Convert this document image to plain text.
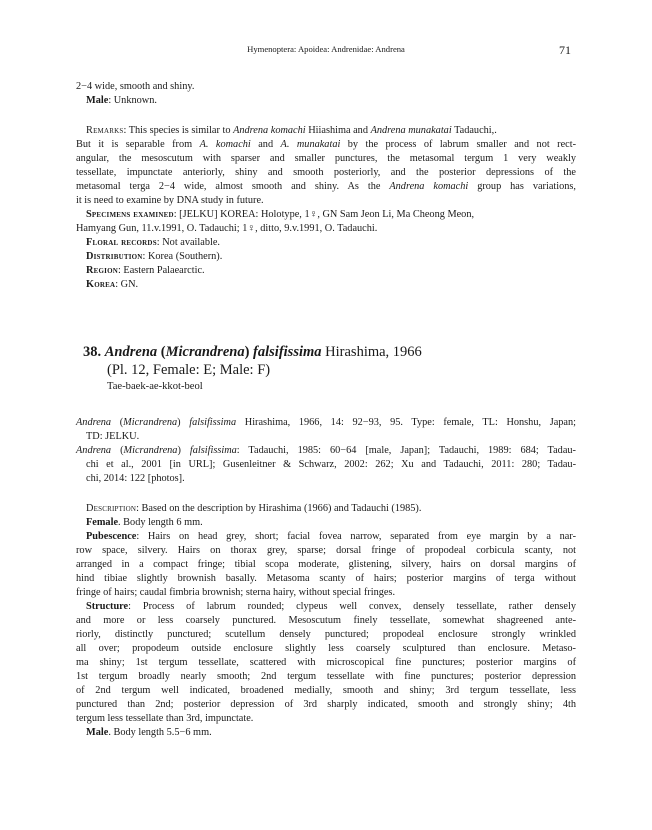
Hymenoptera: Apoidea: Andrenidae: Andrena	71
2−4 wide, smooth and shiny.
Male: Unknown.
Remarks: This species is similar to Andrena komachi Hiiashima and Andrena munakatai Tadauchi,.
But it is separable from A. komachi and A. munakatai by the process of labrum smaller and not rect-
angular, the mesoscutum with sparser and smaller punctures, the metasomal tergum 1 very weakly
tessellate, impunctate anteriorly, shiny and smooth posteriorly, and the posterior depressions of the
metasomal terga 2−4 wide, almost smooth and shiny. As the Andrena komachi group has variations,
it is need to examine by DNA study in future.
Specimens examined: [JELKU] KOREA: Holotype, 1♀, GN Sam Jeon Li, Ma Cheong Meon,
Hamyang Gun, 11.v.1991, O. Tadauchi; 1♀, ditto, 9.v.1991, O. Tadauchi.
Floral records: Not available.
Distribution: Korea (Southern).
Region: Eastern Palaearctic.
Korea: GN.
38. Andrena (Micrandrena) falsifissima Hirashima, 1966
(Pl. 12, Female: E; Male: F)
Tae-baek-ae-kkot-beol
Andrena (Micrandrena) falsifissima Hirashima, 1966, 14: 92−93, 95. Type: female, TL: Honshu, Japan;
TD: JELKU.
Andrena (Micrandrena) falsifissima: Tadauchi, 1985: 60−64 [male, Japan]; Tadauchi, 1989: 684; Tadau-
chi et al., 2001 [in URL]; Gusenleitner & Schwarz, 2002: 262; Xu and Tadauchi, 2011: 280; Tadau-
chi, 2014: 122 [photos].
Description: Based on the description by Hirashima (1966) and Tadauchi (1985).
Female. Body length 6 mm.
Pubescence: Hairs on head grey, short; facial fovea narrow, separated from eye margin by a nar-
row space, silvery. Hairs on thorax grey, sparse; dorsal fringe of propodeal corbicula scanty, not
arranged in a compact fringe; tibial scopa moderate, glistening, silvery, hairs on dorsal margins of
hind tibiae slightly brownish basally. Metasoma scanty of hairs; posterior margins of terga without
fringe of hairs; caudal fimbria brownish; sterna hairy, without special fringes.
Structure: Process of labrum rounded; clypeus well convex, densely tessellate, rather densely
and more or less coarsely punctured. Mesoscutum finely tessellate, somewhat shagreened ante-
riorly, distinctly punctured; scutellum densely punctured; propodeal enclosure strongly wrinkled
all over; propodeum outside enclosure slightly less coarsely sculptured than enclosure. Metaso-
ma shiny; 1st tergum tessellate, scattered with microscopical fine punctures; posterior margins of
1st tergum broadly nearly smooth; 2nd tergum tessellate with fine punctures; posterior depression
of 2nd tergum well indicated, broadened medially, smooth and shiny; 3rd tergum tessellate, less
punctured than 2nd; posterior depression of 3rd sharply indicated, smooth and strongly shiny; 4th
tergum less tessellate than 3rd, impunctate.
Male. Body length 5.5−6 mm.
